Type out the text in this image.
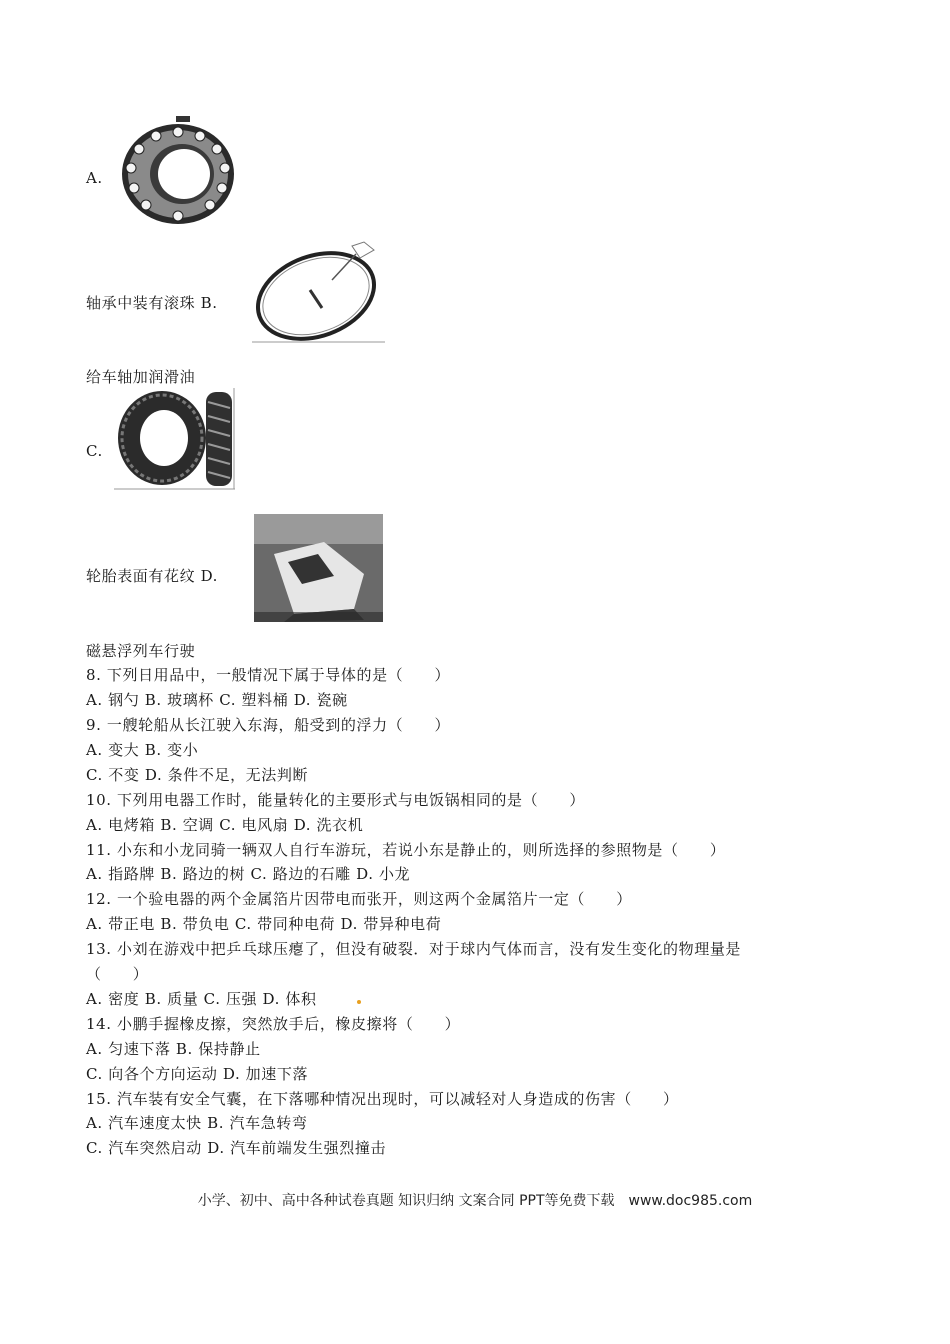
A.
轴承中装有滚珠 B.
给车轴加润滑油
C.
轮胎表面有花纹 D.
磁悬浮列车行驶
8. 下列日用品中，一般情况下属于导体的是（　　）
A. 钢勺 B. 玻璃杯 C. 塑料桶 D. 瓷碗
9. 一艘轮船从长江驶入东海，船受到的浮力（　　）
A. 变大 B. 变小
C. 不变 D. 条件不足，无法判断
10. 下列用电器工作时，能量转化的主要形式与电饭锅相同的是（　　）
A. 电烤箱 B. 空调 C. 电风扇 D. 洗衣机
11. 小东和小龙同骑一辆双人自行车游玩，若说小东是静止的，则所选择的参照物是（　　）
A. 指路牌 B. 路边的树 C. 路边的石雕 D. 小龙
12. 一个验电器的两个金属箔片因带电而张开，则这两个金属箔片一定（　　）
A. 带正电 B. 带负电 C. 带同种电荷 D. 带异种电荷
13. 小刘在游戏中把乒乓球压瘪了，但没有破裂．对于球内气体而言，没有发生变化的物理量是
（　　）
A. 密度 B. 质量 C. 压强 D. 体积
14. 小鹏手握橡皮擦，突然放手后，橡皮擦将（　　）
A. 匀速下落 B. 保持静止
C. 向各个方向运动 D. 加速下落
15. 汽车装有安全气囊，在下落哪种情况出现时，可以减轻对人身造成的伤害（　　）
A. 汽车速度太快 B. 汽车急转弯
C. 汽车突然启动 D. 汽车前端发生强烈撞击
小学、初中、高中各种试卷真题 知识归纳 文案合同 PPT等免费下载　www.doc985.com
